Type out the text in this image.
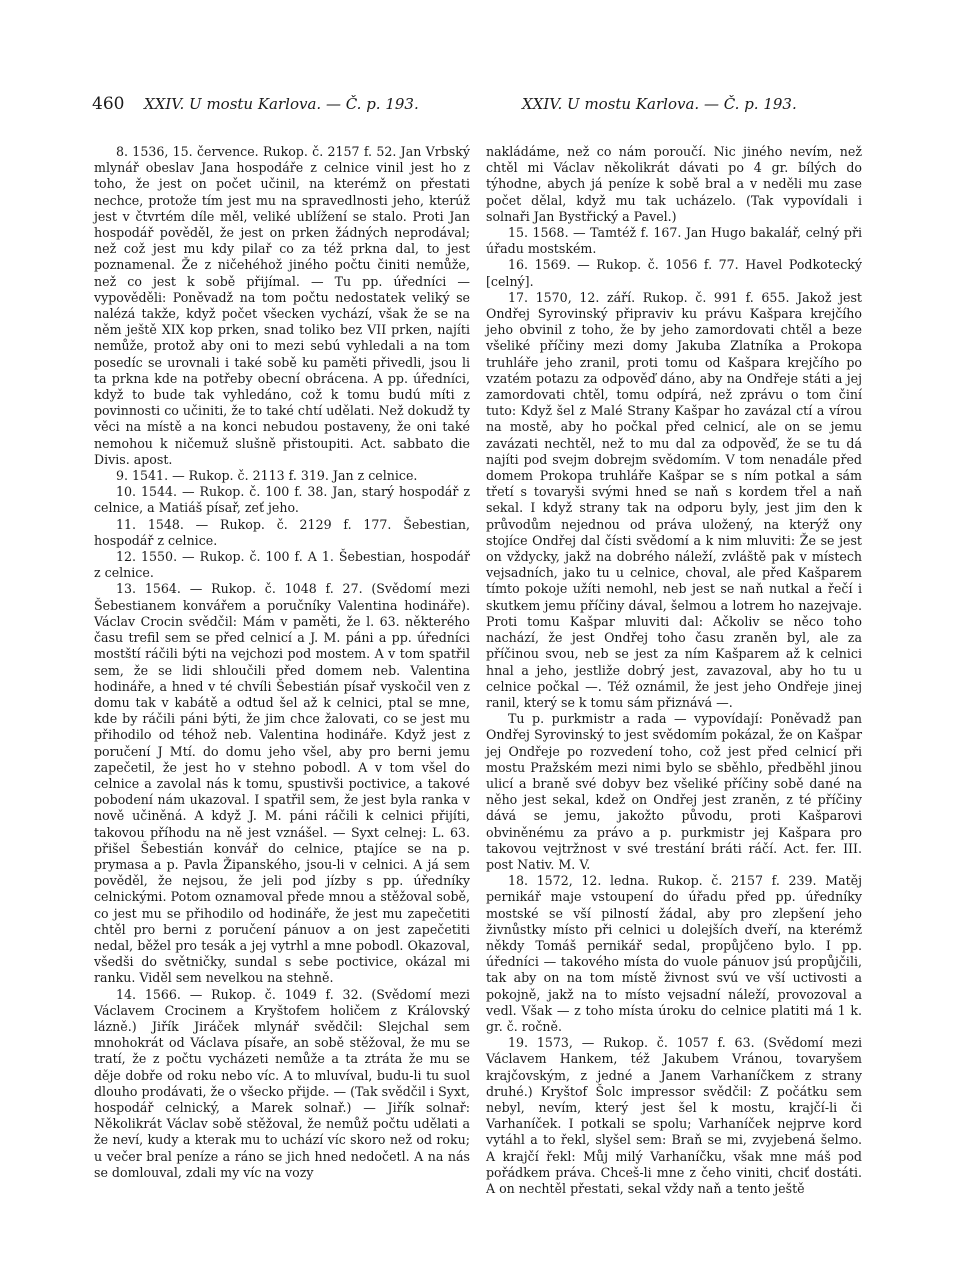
460 XXIV. U mostu Karlova. — Č. p. 193.	XXIV. U mostu Karlova. — Č. p. 193.

8. 1536, 15. července. Rukop. č. 2157 f. 52. Jan Vrbský mlynář obeslav Jana hospodáře z celnice vinil jest ho z toho, že jest on počet učinil, na kterémž on přestati nechce, protože tím jest mu na spravedlnosti jeho, kterúž jest v čtvrtém díle měl, veliké ublížení se stalo. Proti Jan hospodář pověděl, že jest on prken žádných neprodával; než což jest mu kdy pilař co za též prkna dal, to jest poznamenal. Že z ničehéhož jiného počtu činiti nemůže, než co jest k sobě přijímal. — Tu pp. úředníci — vypověděli: Poněvadž na tom počtu nedostatek veliký se nalézá takže, když počet všecken vychází, však že se na něm ještě XIX kop prken, snad toliko bez VII prken, najíti nemůže, protož aby oni to mezi sebú vyhledali a na tom posedíc se urovnali i také sobě ku paměti přivedli, jsou li ta prkna kde na potřeby obecní obrácena. A pp. úředníci, když to bude tak vyhledáno, což k tomu budú míti z povinnosti co učiniti, že to také chtí udělati. Než dokudž ty věci na místě a na konci nebudou postaveny, že oni také nemohou k ničemuž slušně přistoupiti. Act. sabbato die Divis. apost.

9. 1541. — Rukop. č. 2113 f. 319. Jan z celnice.

10. 1544. — Rukop. č. 100 f. 38. Jan, starý hospodář z celnice, a Matiáš písař, zeť jeho.

11. 1548. — Rukop. č. 2129 f. 177. Šebestian, hospodář z celnice.

12. 1550. — Rukop. č. 100 f. A 1. Šebestian, hospodář z celnice.

13. 1564. — Rukop. č. 1048 f. 27. (Svědomí mezi Šebestianem konvářem a poručníky Valentina hodináře). Václav Crocin svědčil: Mám v paměti, že l. 63. některého času trefil sem se před celnicí a J. M. páni a pp. úředníci mostští ráčili býti na vejchozi pod mostem. A v tom spatřil sem, že se lidi shloučili před domem neb. Valentina hodináře, a hned v té chvíli Šebestián písař vyskočil ven z domu tak v kabátě a odtud šel až k celnici, ptal se mne, kde by ráčili páni býti, že jim chce žalovati, co se jest mu přihodilo od téhož neb. Valentina hodináře. Když jest z poručení J Mtí. do domu jeho všel, aby pro berni jemu zapečetil, že jest ho v stehno pobodl. A v tom všel do celnice a zavolal nás k tomu, spustivši poctivice, a takové pobodení nám ukazoval. I spatřil sem, že jest byla ranka v nově učiněná. A když J. M. páni ráčili k celnici přijíti, takovou příhodu na ně jest vznášel. — Syxt celnej: L. 63. přišel Šebestián konvář do celnice, ptajíce se na p. prymasa a p. Pavla Žipanského, jsou-li v celnici. A já sem pověděl, že nejsou, že jeli pod jízby s pp. úředníky celnickými. Potom oznamoval přede mnou a stěžoval sobě, co jest mu se přihodilo od hodináře, že jest mu zapečetiti chtěl pro berni z poručení pánuov a on jest zapečetiti nedal, běžel pro tesák a jej vytrhl a mne pobodl. Okazoval, všedši do světničky, sundal s sebe poctivice, okázal mi ranku. Viděl sem nevelkou na stehně.

14. 1566. — Rukop. č. 1049 f. 32. (Svědomí mezi Václavem Crocinem a Kryštofem holičem z Královský lázně.) Jiřík Jiráček mlynář svědčil: Slejchal sem mnohokrát od Václava písaře, an sobě stěžoval, že mu se tratí, že z počtu vycházeti nemůže a ta ztráta že mu se děje dobře od roku nebo víc. A to mluvíval, budu-li tu suol dlouho prodávati, že o všecko přijde. — (Tak svědčil i Syxt, hospodář celnický, a Marek solnař.) — Jiřík solnař: Několikrát Václav sobě stěžoval, že nemůž počtu udělati a že neví, kudy a kterak mu to uchází víc skoro než od roku; u večer bral peníze a ráno se jich hned nedočetl. A na nás se domlouval, zdali my víc na vozy

nakládáme, než co nám poroučí. Nic jiného nevím, než chtěl mi Václav několikrát dávati po 4 gr. bílých do týhodne, abych já peníze k sobě bral a v neděli mu zase počet dělal, když mu tak ucházelo. (Tak vypovídali i solnaři Jan Bystřický a Pavel.)

15. 1568. — Tamtéž f. 167. Jan Hugo bakalář, celný při úřadu mostském.

16. 1569. — Rukop. č. 1056 f. 77. Havel Podkotecký [celný].

17. 1570, 12. září. Rukop. č. 991 f. 655. Jakož jest Ondřej Syrovinský připraviv ku právu Kašpara krejčího jeho obvinil z toho, že by jeho zamordovati chtěl a beze všeliké příčiny mezi domy Jakuba Zlatníka a Prokopa truhláře jeho zranil, proti tomu od Kašpara krejčího po vzatém potazu za odpověď dáno, aby na Ondřeje státi a jej zamordovati chtěl, tomu odpírá, než zprávu o tom činí tuto: Když šel z Malé Strany Kašpar ho zavázal ctí a vírou na mostě, aby ho počkal před celnicí, ale on se jemu zavázati nechtěl, než to mu dal za odpověď, že se tu dá najíti pod svejm dobrejm svědomím. V tom nenadále před domem Prokopa truhláře Kašpar se s ním potkal a sám třetí s tovaryši svými hned se naň s kordem třel a naň sekal. I když strany tak na odporu byly, jest jim den k průvodům nejednou od práva uložený, na kterýž ony stojíce Ondřej dal čísti svědomí a k nim mluviti: Že se jest on vždycky, jakž na dobrého náleží, zvláště pak v místech vejsadních, jako tu u celnice, choval, ale před Kašparem tímto pokoje užíti nemohl, neb jest se naň nutkal a řečí i skutkem jemu příčiny dával, šelmou a lotrem ho nazejvaje. Proti tomu Kašpar mluviti dal: Ačkoliv se něco toho nachází, že jest Ondřej toho času zraněn byl, ale za příčinou svou, neb se jest za ním Kašparem až k celnici hnal a jeho, jestliže dobrý jest, zavazoval, aby ho tu u celnice počkal —. Též oznámil, že jest jeho Ondřeje jinej ranil, který se k tomu sám přiznává —.

Tu p. purkmistr a rada — vypovídají: Poněvadž pan Ondřej Syrovinský to jest svědomím pokázal, že on Kašpar jej Ondřeje po rozvedení toho, což jest před celnicí při mostu Pražském mezi nimi bylo se sběhlo, předběhl jinou ulicí a braně své dobyv bez všeliké příčiny sobě dané na něho jest sekal, kdež on Ondřej jest zraněn, z té příčiny dává se jemu, jakožto původu, proti Kašparovi obviněnému za právo a p. purkmistr jej Kašpara pro takovou vejtržnost v své trestání bráti ráčí. Act. fer. III. post Nativ. M. V.

18. 1572, 12. ledna. Rukop. č. 2157 f. 239. Matěj pernikář maje vstoupení do úřadu před pp. úředníky mostské se vší pilností žádal, aby pro zlepšení jeho živnůstky místo při celnici u dolejších dveří, na kterémž někdy Tomáš pernikář sedal, propůjčeno bylo. I pp. úředníci — takového místa do vuole pánuov jsú propůjčili, tak aby on na tom místě živnost svú ve vší uctivosti a pokojně, jakž na to místo vejsadní náleží, provozoval a vedl. Však — z toho místa úroku do celnice platiti má 1 k. gr. č. ročně.

19. 1573, — Rukop. č. 1057 f. 63. (Svědomí mezi Václavem Hankem, též Jakubem Vránou, tovaryšem krajčovským, z jedné a Janem Varhaníčkem z strany druhé.) Kryštof Šolc impressor svědčil: Z počátku sem nebyl, nevím, který jest šel k mostu, krajčí-li či Varhaníček. I potkali se spolu; Varhaníček nejprve kord vytáhl a to řekl, slyšel sem: Braň se mi, zvyjebená šelmo. A krajčí řekl: Můj milý Varhaníčku, však mne máš pod pořádkem práva. Chceš-li mne z čeho viniti, chciť dostáti. A on nechtěl přestati, sekal vždy naň a tento ještě
